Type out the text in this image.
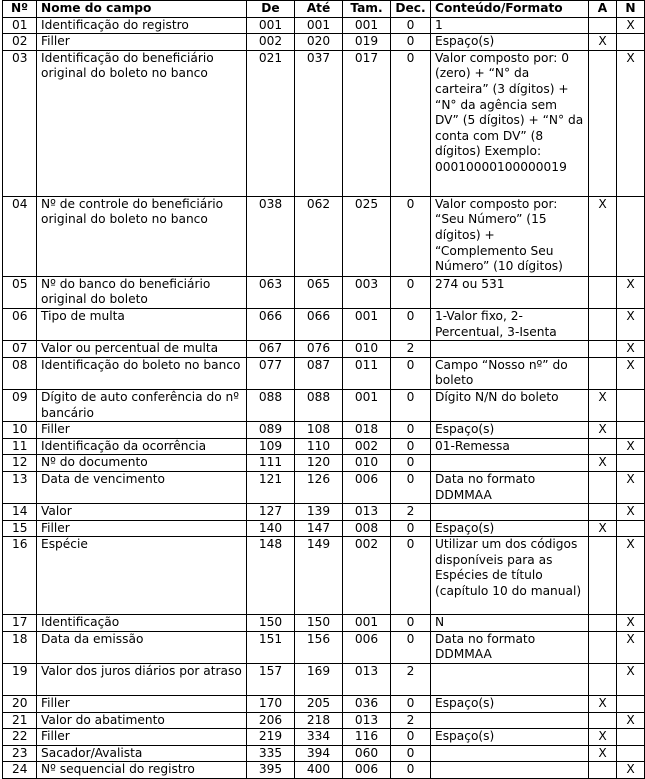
Nº	Nome do campo	De	Até	Tam.	Dec.	Conteúdo/Formato	A	N
01	Identificação do registro	001	001	001	0	1		X
02	Filler	002	020	019	0	Espaço(s)	X	
03	Identificação do beneficiário original do boleto no banco	021	037	017	0	Valor composto por: 0 (zero) + “N° da carteira” (3 dígitos) + “N° da agência sem DV” (5 dígitos) + “N° da conta com DV” (8 dígitos) Exemplo: 00010000100000019		X
04	Nº de controle do beneficiário original do boleto no banco	038	062	025	0	Valor composto por: “Seu Número” (15 dígitos) + “Complemento Seu Número” (10 dígitos)	X	
05	Nº do banco do beneficiário original do boleto	063	065	003	0	274 ou 531		X
06	Tipo de multa	066	066	001	0	1-Valor fixo, 2-Percentual, 3-Isenta		X
07	Valor ou percentual de multa	067	076	010	2			X
08	Identificação do boleto no banco	077	087	011	0	Campo “Nosso nº” do boleto		X
09	Dígito de auto conferência do nº bancário	088	088	001	0	Dígito N/N do boleto	X	
10	Filler	089	108	018	0	Espaço(s)	X	
11	Identificação da ocorrência	109	110	002	0	01-Remessa		X
12	Nº do documento	111	120	010	0		X	
13	Data de vencimento	121	126	006	0	Data no formato DDMMAA		X
14	Valor	127	139	013	2			X
15	Filler	140	147	008	0	Espaço(s)	X	
16	Espécie	148	149	002	0	Utilizar um dos códigos disponíveis para as Espécies de título (capítulo 10 do manual)		X
17	Identificação	150	150	001	0	N		X
18	Data da emissão	151	156	006	0	Data no formato DDMMAA		X
19	Valor dos juros diários por atraso	157	169	013	2			X
20	Filler	170	205	036	0	Espaço(s)	X	
21	Valor do abatimento	206	218	013	2			X
22	Filler	219	334	116	0	Espaço(s)	X	
23	Sacador/Avalista	335	394	060	0		X	
24	Nº sequencial do registro	395	400	006	0			X
